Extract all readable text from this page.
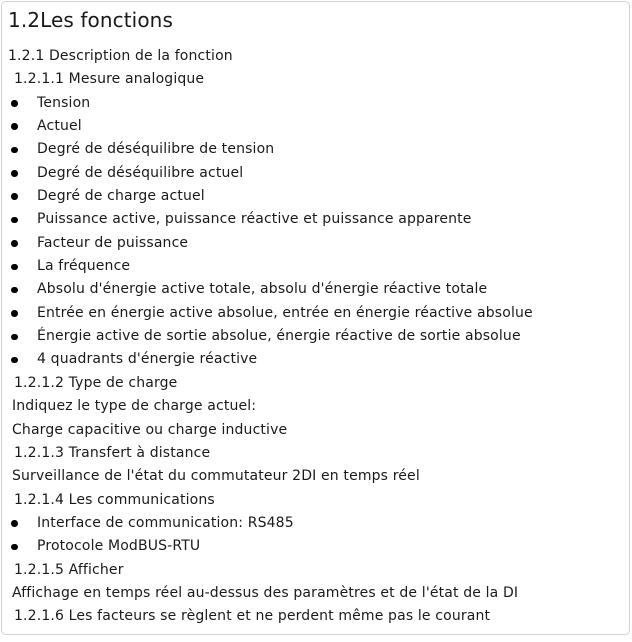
1.2Les fonctions
1.2.1 Description de la fonction
1.2.1.1 Mesure analogique
Tension
Actuel
Degré de déséquilibre de tension
Degré de déséquilibre actuel
Degré de charge actuel
Puissance active, puissance réactive et puissance apparente
Facteur de puissance
La fréquence
Absolu d'énergie active totale, absolu d'énergie réactive totale
Entrée en énergie active absolue, entrée en énergie réactive absolue
Énergie active de sortie absolue, énergie réactive de sortie absolue
4 quadrants d'énergie réactive
1.2.1.2 Type de charge
Indiquez le type de charge actuel:
Charge capacitive ou charge inductive
1.2.1.3 Transfert à distance
Surveillance de l'état du commutateur 2DI en temps réel
1.2.1.4 Les communications
Interface de communication: RS485
Protocole ModBUS-RTU
1.2.1.5 Afficher
Affichage en temps réel au-dessus des paramètres et de l'état de la DI
1.2.1.6 Les facteurs se règlent et ne perdent même pas le courant
